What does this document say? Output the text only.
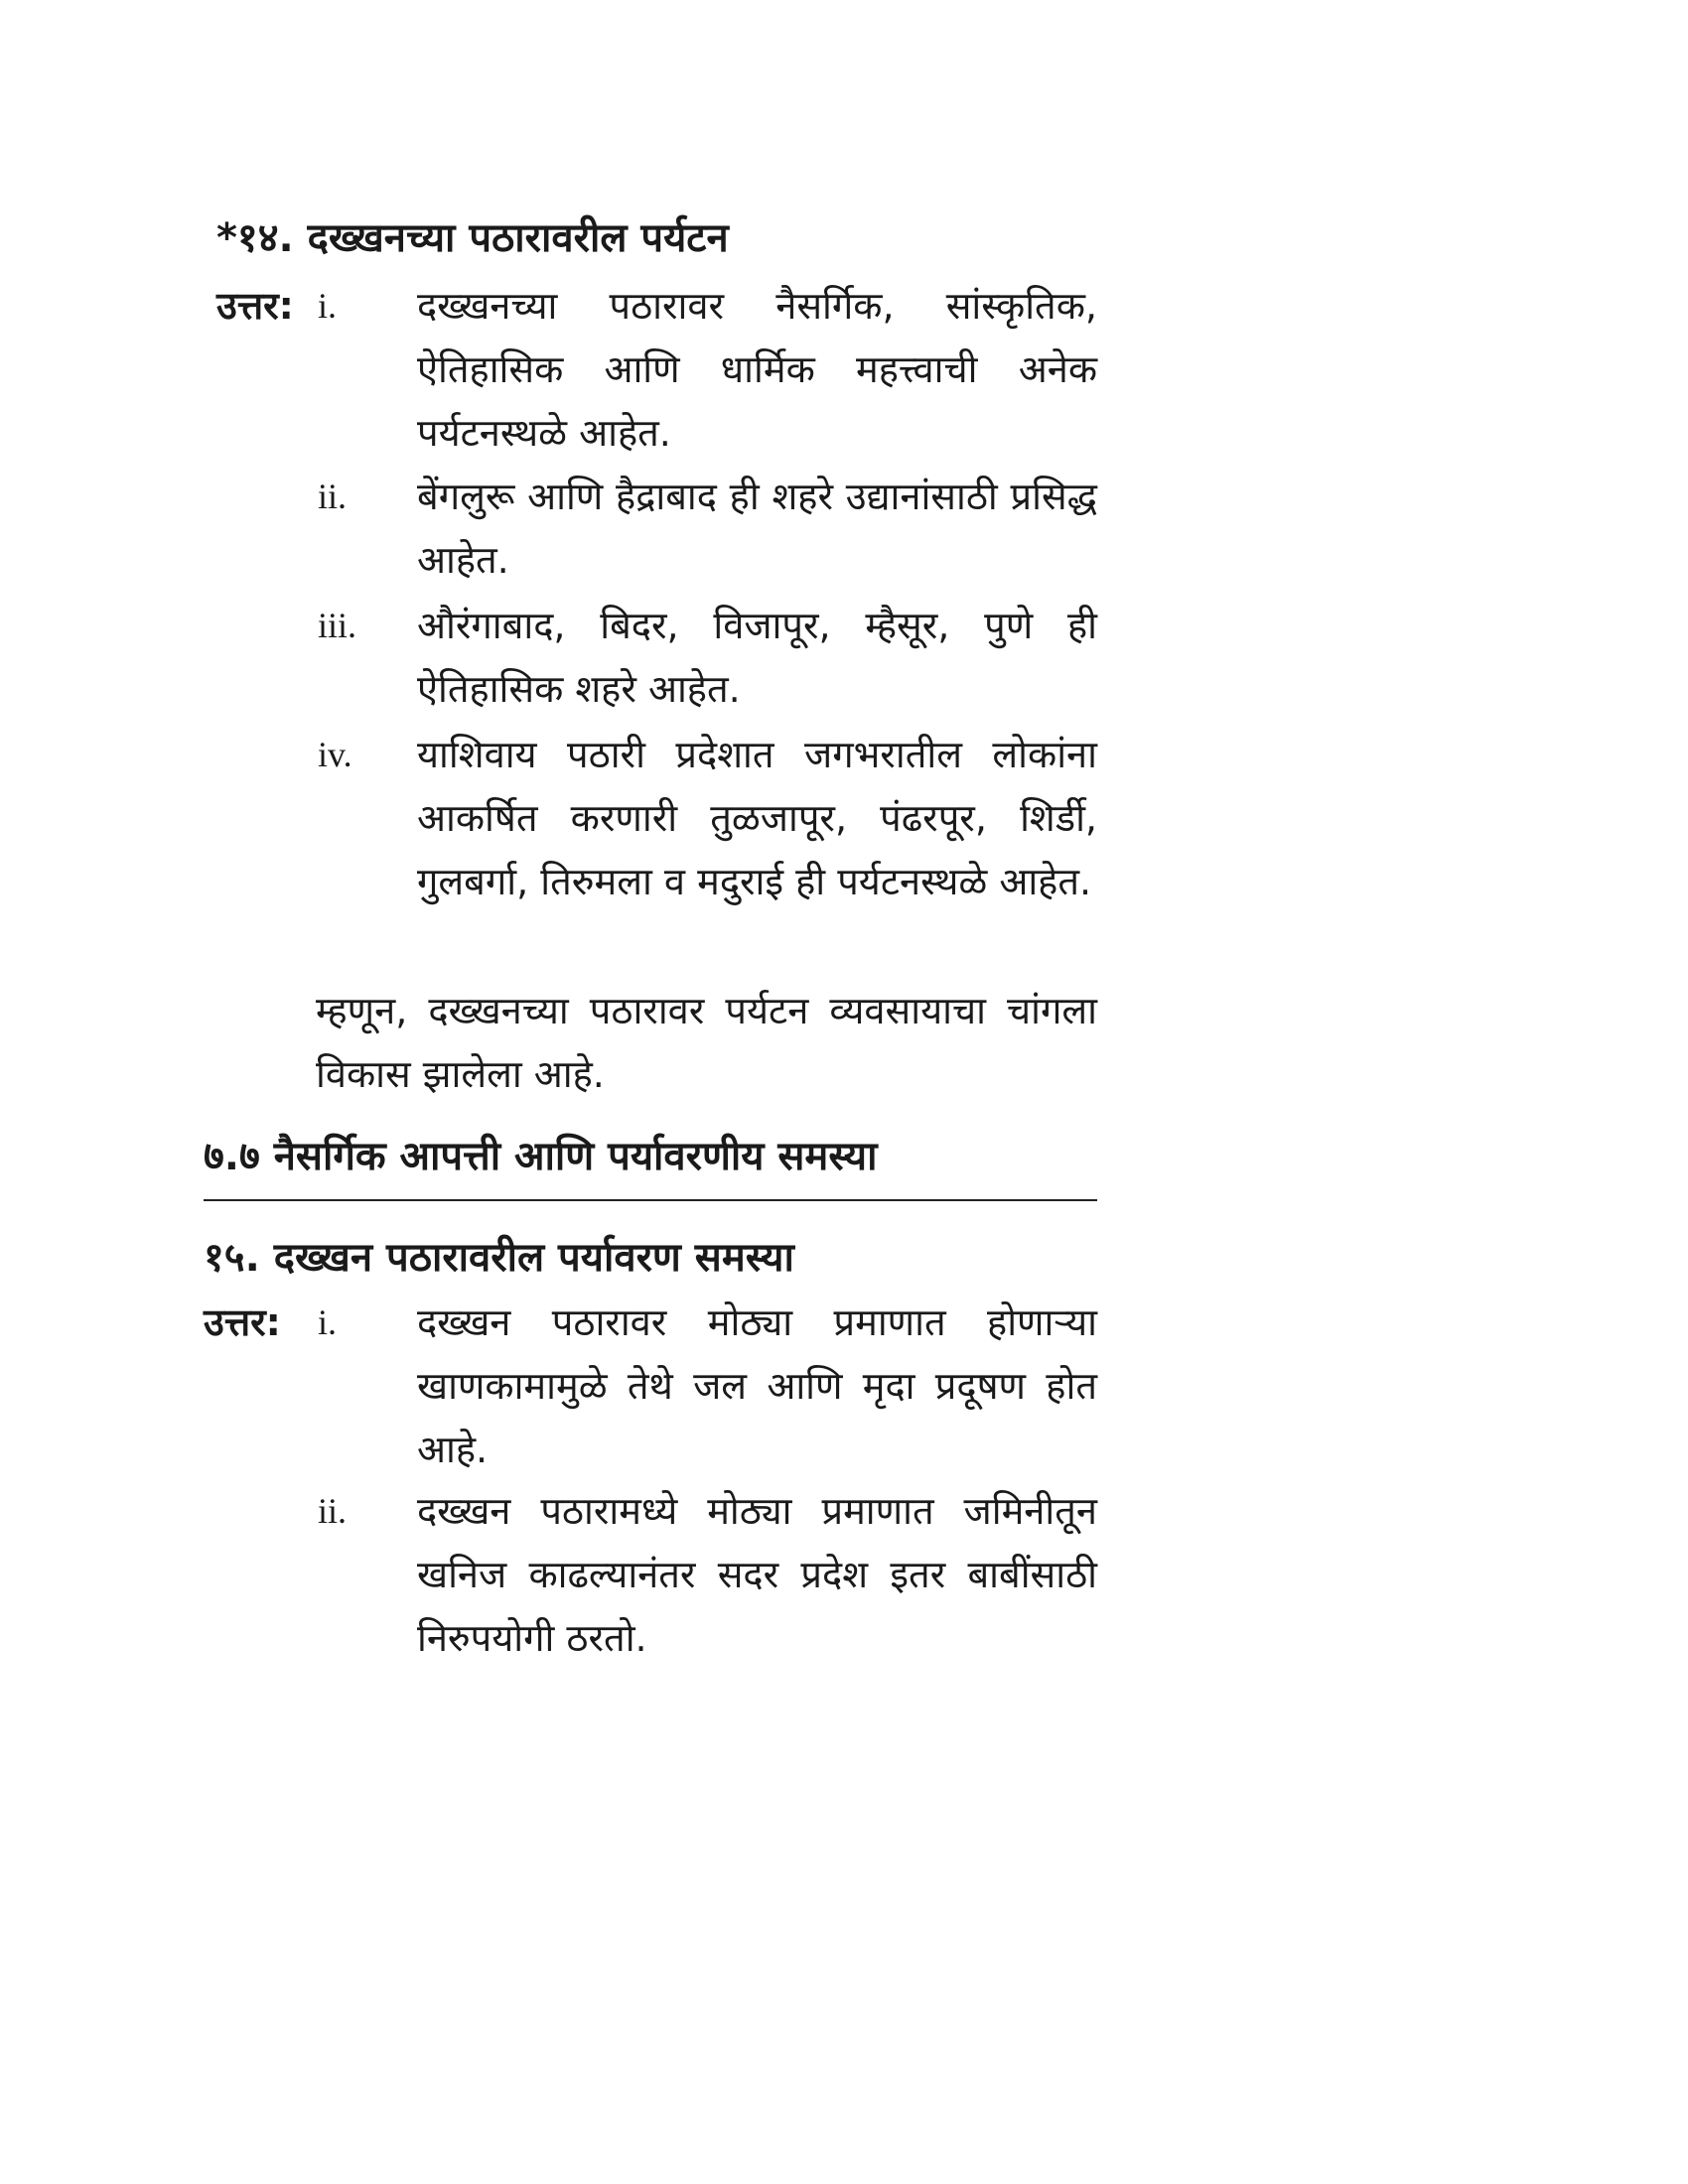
*१४. दख्खनच्या पठारावरील पर्यटन
उत्तर: i. दख्खनच्या पठारावर नैसर्गिक, सांस्कृतिक, ऐतिहासिक आणि धार्मिक महत्त्वाची अनेक पर्यटनस्थळे आहेत.
ii. बेंगलुरू आणि हैद्राबाद ही शहरे उद्यानांसाठी प्रसिद्ध आहेत.
iii. औरंगाबाद, बिदर, विजापूर, म्हैसूर, पुणे ही ऐतिहासिक शहरे आहेत.
iv. याशिवाय पठारी प्रदेशात जगभरातील लोकांना आकर्षित करणारी तुळजापूर, पंढरपूर, शिर्डी, गुलबर्गा, तिरुमला व मदुराई ही पर्यटनस्थळे आहेत.
म्हणून, दख्खनच्या पठारावर पर्यटन व्यवसायाचा चांगला विकास झालेला आहे.
७.७ नैसर्गिक आपत्ती आणि पर्यावरणीय समस्या
१५. दख्खन पठारावरील पर्यावरण समस्या
उत्तर: i. दख्खन पठारावर मोठ्या प्रमाणात होणाऱ्या खाणकामामुळे तेथे जल आणि मृदा प्रदूषण होत आहे.
ii. दख्खन पठारामध्ये मोठ्या प्रमाणात जमिनीतून खनिज काढल्यानंतर सदर प्रदेश इतर बाबींसाठी निरुपयोगी ठरतो.
